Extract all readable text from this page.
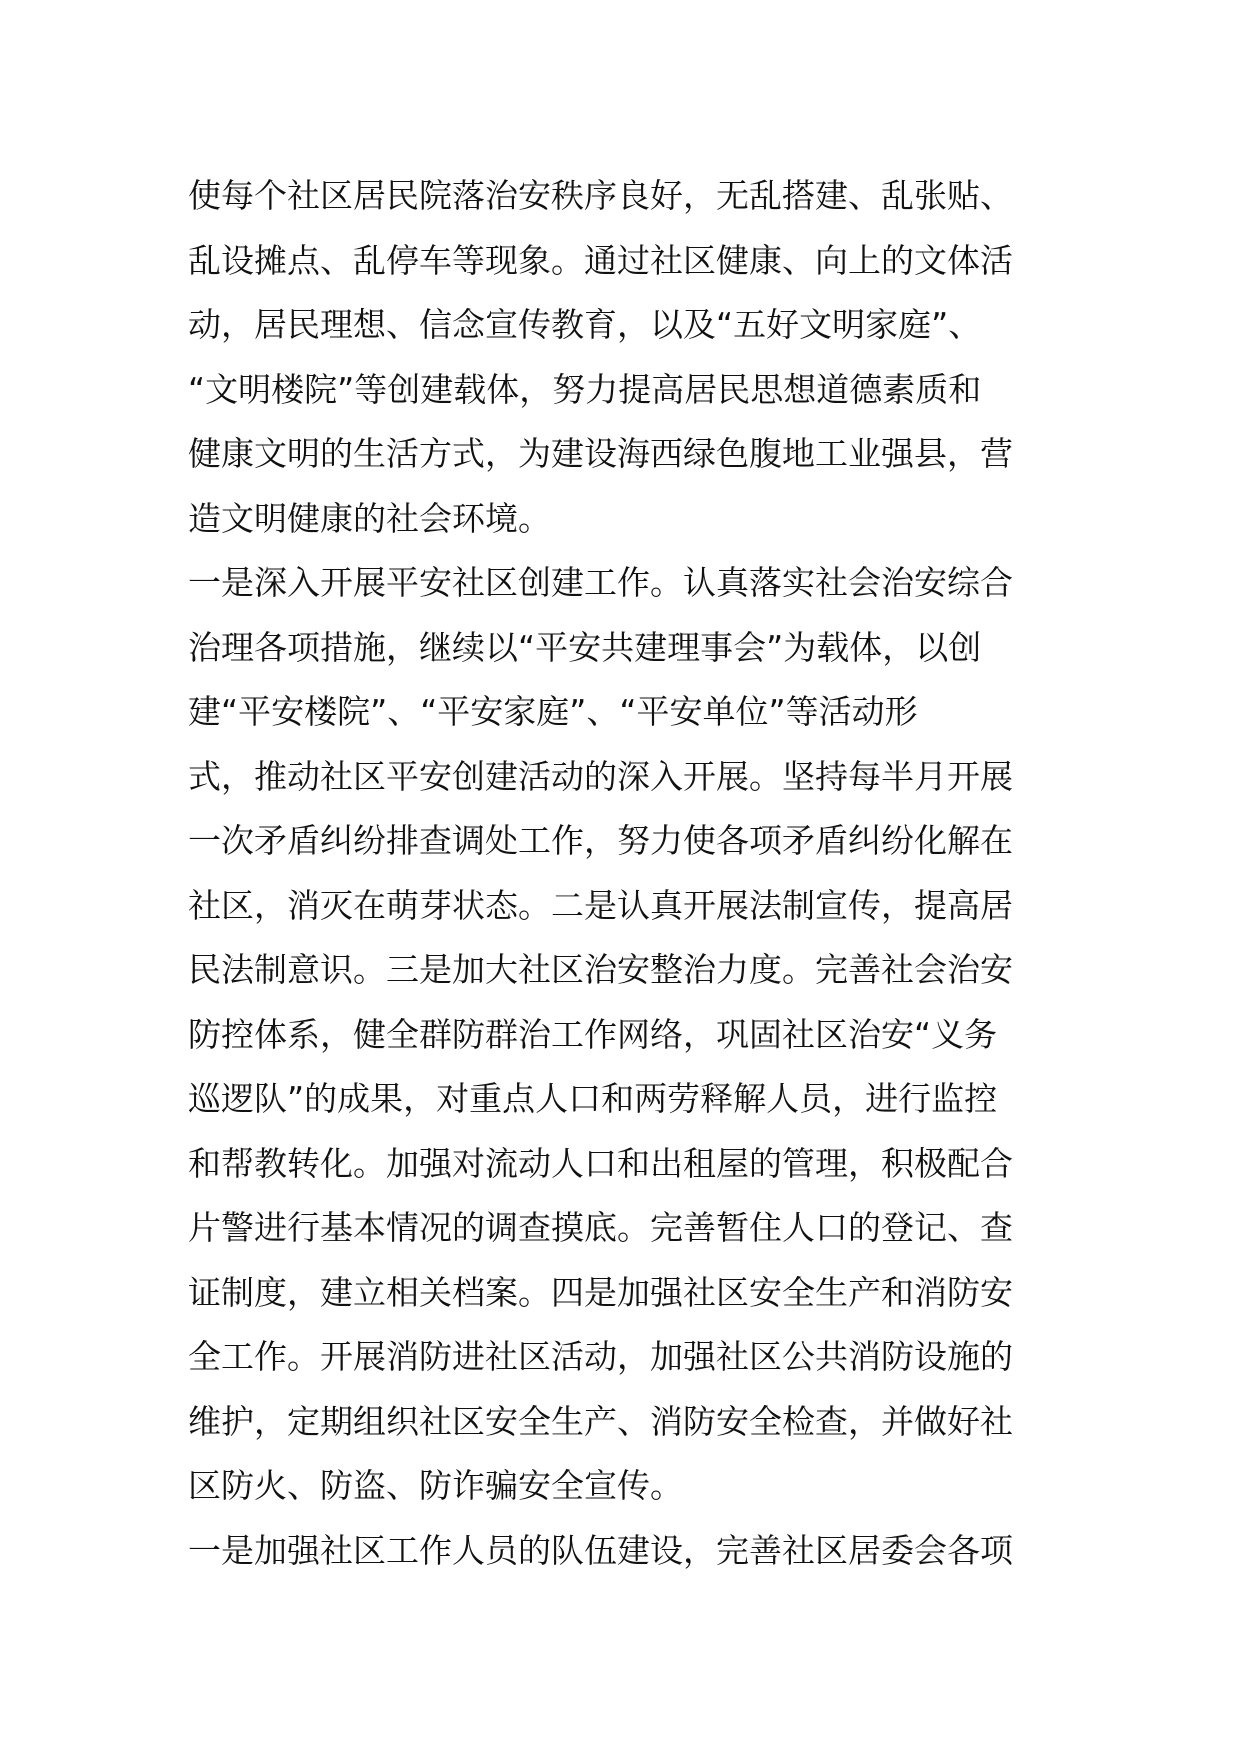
使每个社区居民院落治安秩序良好，无乱搭建、乱张贴、
乱设摊点、乱停车等现象。通过社区健康、向上的文体活
动，居民理想、信念宣传教育，以及“五好文明家庭”、
“文明楼院”等创建载体，努力提高居民思想道德素质和
健康文明的生活方式，为建设海西绿色腹地工业强县，营
造文明健康的社会环境。
一是深入开展平安社区创建工作。认真落实社会治安综合
治理各项措施，继续以“平安共建理事会”为载体，以创
建“平安楼院”、“平安家庭”、“平安单位”等活动形
式，推动社区平安创建活动的深入开展。坚持每半月开展
一次矛盾纠纷排查调处工作，努力使各项矛盾纠纷化解在
社区，消灭在萌芽状态。二是认真开展法制宣传，提高居
民法制意识。三是加大社区治安整治力度。完善社会治安
防控体系，健全群防群治工作网络，巩固社区治安“义务
巡逻队”的成果，对重点人口和两劳释解人员，进行监控
和帮教转化。加强对流动人口和出租屋的管理，积极配合
片警进行基本情况的调查摸底。完善暂住人口的登记、查
证制度，建立相关档案。四是加强社区安全生产和消防安
全工作。开展消防进社区活动，加强社区公共消防设施的
维护，定期组织社区安全生产、消防安全检查，并做好社
区防火、防盗、防诈骗安全宣传。
一是加强社区工作人员的队伍建设，完善社区居委会各项
